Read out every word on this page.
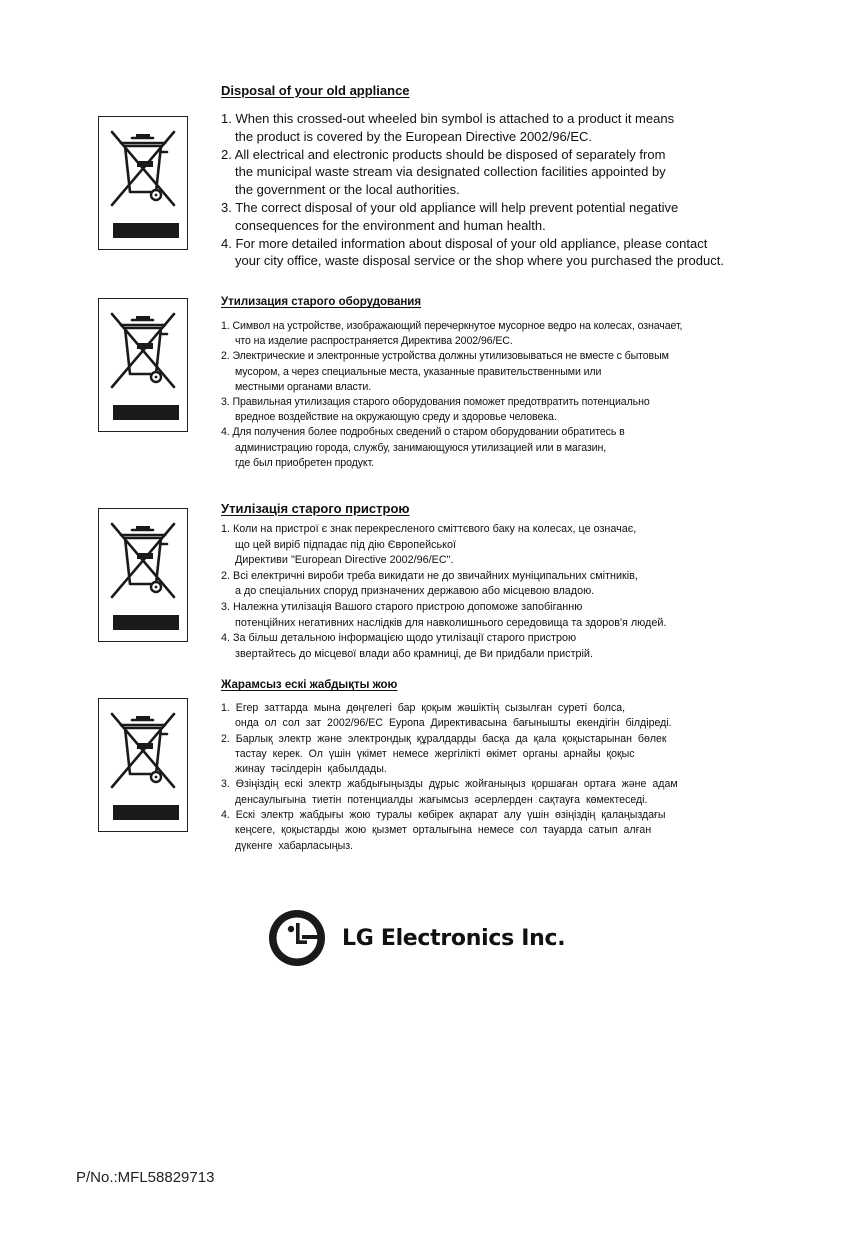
Disposal of your old appliance
1. When this crossed-out wheeled bin symbol is attached to a product it means
the product is covered by the European Directive 2002/96/EC.
2. All electrical and electronic products should be disposed of separately from
the municipal waste stream via designated collection facilities appointed by
the government or the local authorities.
3. The correct disposal of your old appliance will help prevent potential negative
consequences for the environment and human health.
4. For more detailed information about disposal of your old appliance, please contact
your city office, waste disposal service or the shop where you purchased the product.
Утилизация старого оборудования
1. Символ на устройстве, изображающий перечеркнутое мусорное ведро на колесах, означает,
что на изделие распространяется Директива 2002/96/EC.
2. Электрические и электронные устройства должны утилизовываться не вместе с бытовым
мусором, а через специальные места, указанные правительственными или
местными органами власти.
3. Правильная утилизация старого оборудования поможет предотвратить потенциально
вредное воздействие на окружающую среду и здоровье человека.
4. Для получения более подробных сведений о старом оборудовании обратитесь в
администрацию города, службу, занимающуюся утилизацией или в магазин,
где был приобретен продукт.
Утилізація старого пристрою
1. Коли на пристрої є знак перекресленого сміттєвого баку на колесах, це означає,
що цей виріб підпадає під дію Європейської
Директиви "European Directive 2002/96/EC".
2. Всі електричні вироби треба викидати не до звичайних муніципальних смітників,
а до спеціальних споруд призначених державою або місцевою владою.
3. Належна утилізація Вашого старого пристрою допоможе запобіганню
потенційних негативних наслідків для навколишнього середовища та здоров'я людей.
4. За більш детальною інформацією щодо утилізації старого пристрою
звертайтесь до місцевої влади або крамниці, де Ви придбали пристрій.
Жарамсыз ескі жабдықты жою
1. Егер заттарда мына дөңгелегі бар қоқым жәшіктің сызылған суреті болса,
онда ол сол зат 2002/96/EC Еуропа Директивасына бағынышты екендігін білдіреді.
2. Барлық электр және электрондық құралдарды басқа да қала қоқыстарынан бөлек
тастау керек. Ол үшін үкімет немесе жергілікті өкімет органы арнайы қоқыс
жинау тәсілдерін қабылдады.
3. Өзіңіздің ескі электр жабдығыңызды дұрыс жойғаныңыз қоршаған ортаға және адам
денсаулығына тиетін потенциалды жағымсыз әсерлерден сақтауға көмектеседі.
4. Ескі электр жабдығы жою туралы көбірек ақпарат алу үшін өзіңіздің қалаңыздағы
кеңсеге, қоқыстарды жою қызмет орталығына немесе сол тауарда сатып алған
дүкенге хабарласыңыз.
LG Electronics Inc.
P/No.:MFL58829713
